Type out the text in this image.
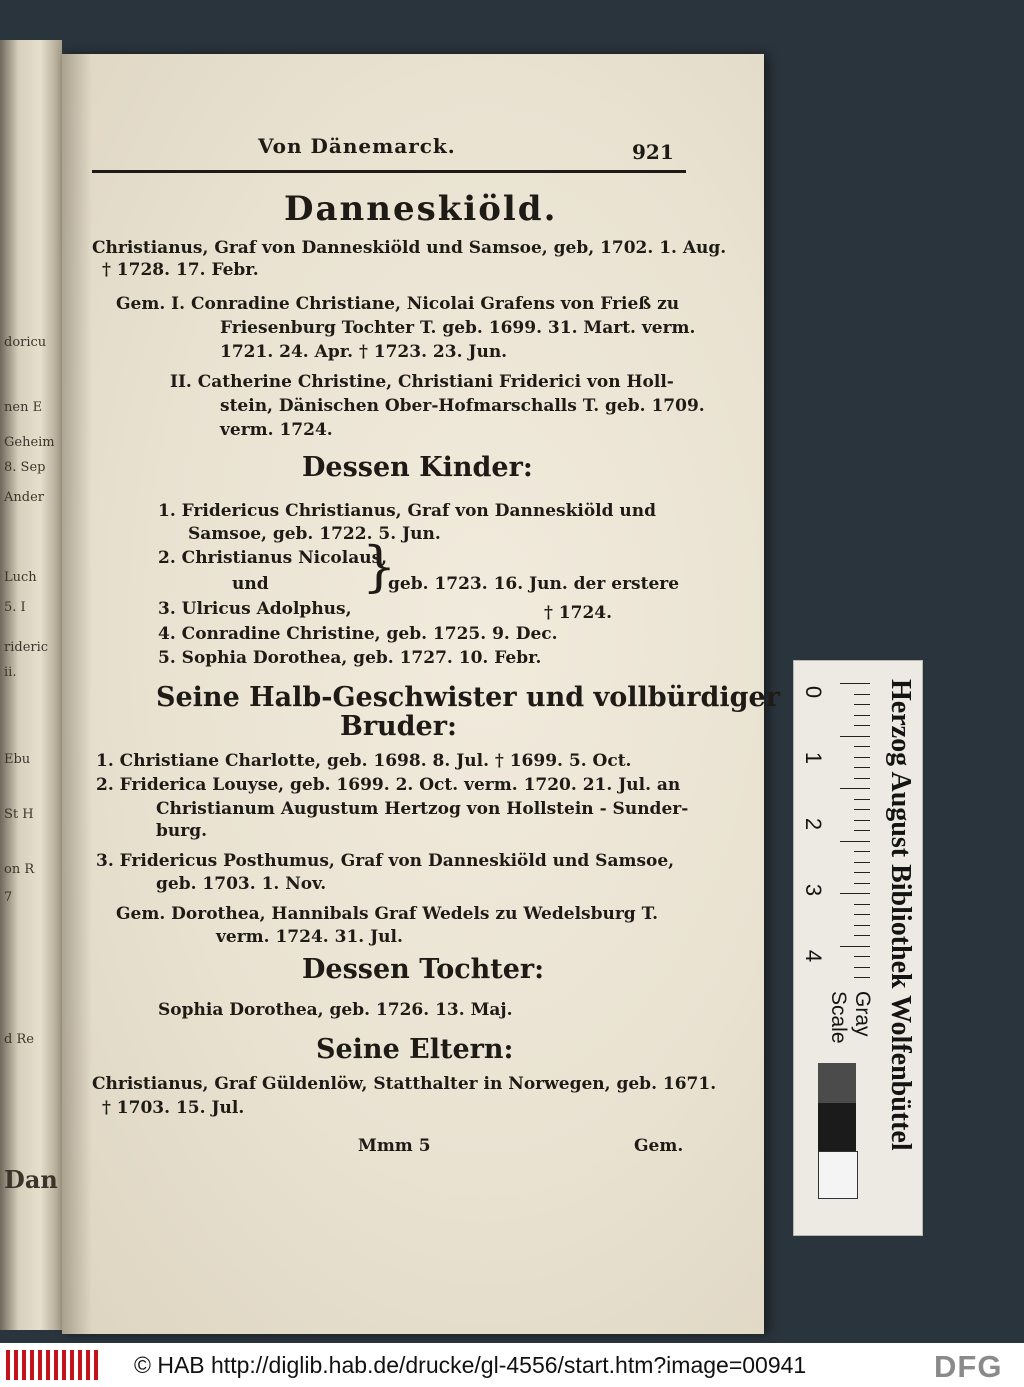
doricu
nen E
Geheim
8. Sep
Ander
Luch
5. I
rideric
ii.
Ebu
St H
on R
7
d Re
Dan
Von Dänemarck.	921
Danneskiöld.
Christianus, Graf von Danneskiöld und Samsoe, geb, 1702. 1. Aug.
† 1728. 17. Febr.
Gem. I. Conradine Christiane, Nicolai Grafens von Frieß zu
Friesenburg Tochter T. geb. 1699. 31. Mart. verm.
1721. 24. Apr. † 1723. 23. Jun.
II. Catherine Christine, Christiani Friderici von Holl-
stein, Dänischen Ober-Hofmarschalls T. geb. 1709.
verm. 1724.
Dessen Kinder:
1. Fridericus Christianus, Graf von Danneskiöld und
Samsoe, geb. 1722. 5. Jun.
2. Christianus Nicolaus,
und	geb. 1723. 16. Jun. der erstere
3. Ulricus Adolphus,	† 1724.
4. Conradine Christine, geb. 1725. 9. Dec.
5. Sophia Dorothea, geb. 1727. 10. Febr.
}
Seine Halb-Geschwister und vollbürdiger
Bruder:
1. Christiane Charlotte, geb. 1698. 8. Jul. † 1699. 5. Oct.
2. Friderica Louyse, geb. 1699. 2. Oct. verm. 1720. 21. Jul. an
Christianum Augustum Hertzog von Hollstein - Sunder-
burg.
3. Fridericus Posthumus, Graf von Danneskiöld und Samsoe,
geb. 1703. 1. Nov.
Gem. Dorothea, Hannibals Graf Wedels zu Wedelsburg T.
verm. 1724. 31. Jul.
Dessen Tochter:
Sophia Dorothea, geb. 1726. 13. Maj.
Seine Eltern:
Christianus, Graf Güldenlöw, Statthalter in Norwegen, geb. 1671.
† 1703. 15. Jul.
Mmm 5	Gem.	Herzog August Bibliothek Wolfenbüttel
0
1
2
3
4
Gray Scale
© HAB http://diglib.hab.de/drucke/gl-4556/start.htm?image=00941	DFG
